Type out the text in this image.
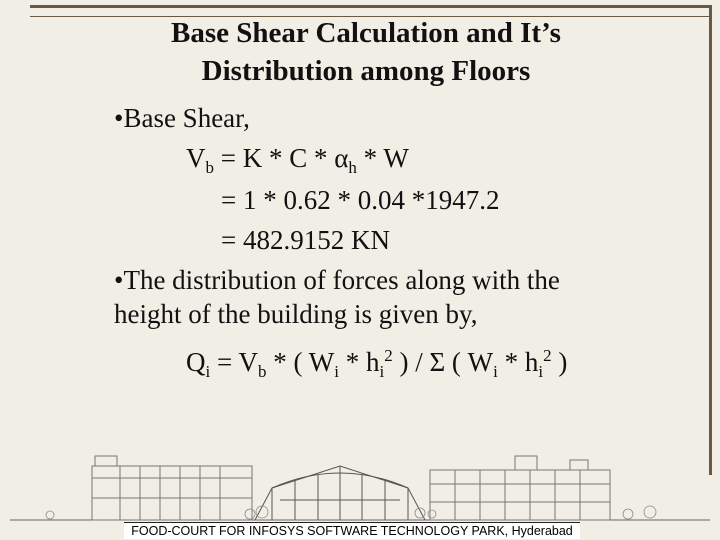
Base Shear Calculation and It’s
Distribution among Floors
•Base Shear,
$V_b = K * C * \alpha_h * W$
= 1 * 0.62 * 0.04 *1947.2
= 482.9152 KN
•The distribution of forces along with the
height of the building is given by,
$Q_i = V_b$ * ( $W_i * h_i^2$ ) / Σ ( $W_i * h_i^2$ )
FOOD-COURT FOR INFOSYS SOFTWARE TECHNOLOGY PARK, Hyderabad
